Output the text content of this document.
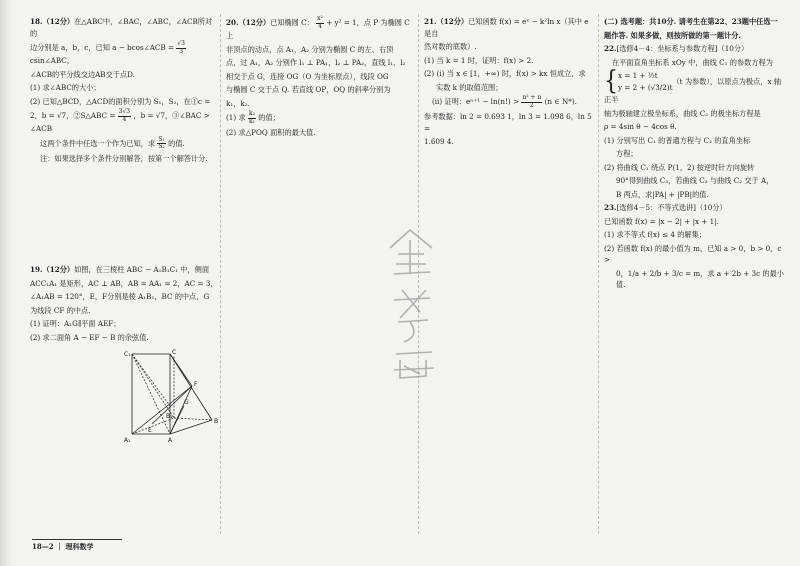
18.（12分）在△ABC中，∠BAC，∠ABC，∠ACB所对的

边分别是 a，b，c，已知 a − bcos∠ACB = $\frac{√3}{3}$
csin∠ABC，

∠ACB的平分线交边AB交于点D.

(1) 求∠ABC的大小；

(2) 已知△BCD，△ACD的面积分别为 S₁，S₂，在①c =

2，b = √7，②S△ABC = $\frac{3√3}{4}$ ，b = √7，③∠BAC > ∠ACB

这两个条件中任选一个作为已知，求 $\frac{\text{S₁}}{\text{S₂}}$ 的值.

注：如果选择多个条件分别解答，按第一个解答计分.

19.（12分）如图，在三棱柱 ABC − A₁B₁C₁ 中，侧面

ACC₁A₁ 是矩形，AC ⊥ AB，AB = AA₁ = 2，AC = 3，

∠A₁AB = 120°，E，F分别是棱 A₁B₁，BC 的中点，G

为线段 CF 的中点.

(1) 证明：A₁G∥平面 AEF；

(2) 求二面角 A − EF − B 的余弦值.

C₁	C
F
B₁
B
A₁	A
E
G

20.（12分）已知椭圆 C： $\frac{\text{x²}}{4} + y^2 = 1$，点 P 为椭圆 C 上

非顶点的动点，点 A₁，A₂ 分别为椭圆 C 的左、右顶

点，过 A₁，A₂ 分别作 l₁ ⊥ PA₁，l₂ ⊥ PA₂，直线 l₁，l₂

相交于点 G，连接 OG（O 为坐标原点），线段 OG

与椭圆 C 交于点 Q. 若直线 OP，OQ 的斜率分别为

k₁，k₂.

(1) 求 $\frac{\text{k₂}}{\text{k₁}}$ 的值；

(2) 求△POQ 面积的最大值.

21.（12分）已知函数 f(x) = eˣ − k²ln x（其中 e 是自

然对数的底数）.

(1) 当 k = 1 时，证明：f(x) > 2.

(2) (ⅰ) 当 x ∈ [1，+∞) 时，f(x) > kx 恒成立，求

实数 k 的取值范围；

(ⅱ) 证明：$e^{n+1} - \ln(n!) > \frac{\text{n² + n}}{2} (n$ ∈ N*).

参考数据：ln 2 = 0.693 1，ln 3 = 1.098 6，ln 5 =

1.609 4.

(二) 选考题：共10分. 请考生在第22、23题中任选一

题作答. 如果多做，则按所做的第一题计分.

22.[选修4－4：坐标系与参数方程]（10分）

在平面直角坐标系 xOy 中，曲线 C₁ 的参数方程为

{ x = 1 + ½t
y = 2 + (√3/2)t
（t 为参数），以原点为极点，x 轴正半

轴为极轴建立极坐标系，曲线 C₂ 的极坐标方程是

ρ = 4sin θ − 4cos θ.

(1) 分别写出 C₁ 的普通方程与 C₂ 的直角坐标

方程；

(2) 将曲线 C₁ 绕点 P(1，2) 按逆时针方向旋转

90°得到曲线 C₃，若曲线 C₃ 与曲线 C₂ 交于 A，

B 两点，求|PA| + |PB|的值.

23.[选修4－5：不等式选讲]（10分）

已知函数 f(x) = |x − 2| + |x + 1|.

(1) 求不等式 f(x) ≤ 4 的解集；

(2) 若函数 f(x) 的最小值为 m，已知 a > 0，b > 0，c >

0，1/a + 2/b + 3/c = m，求 a + 2b + 3c 的最小值.

18—2 ｜ 理科数学
